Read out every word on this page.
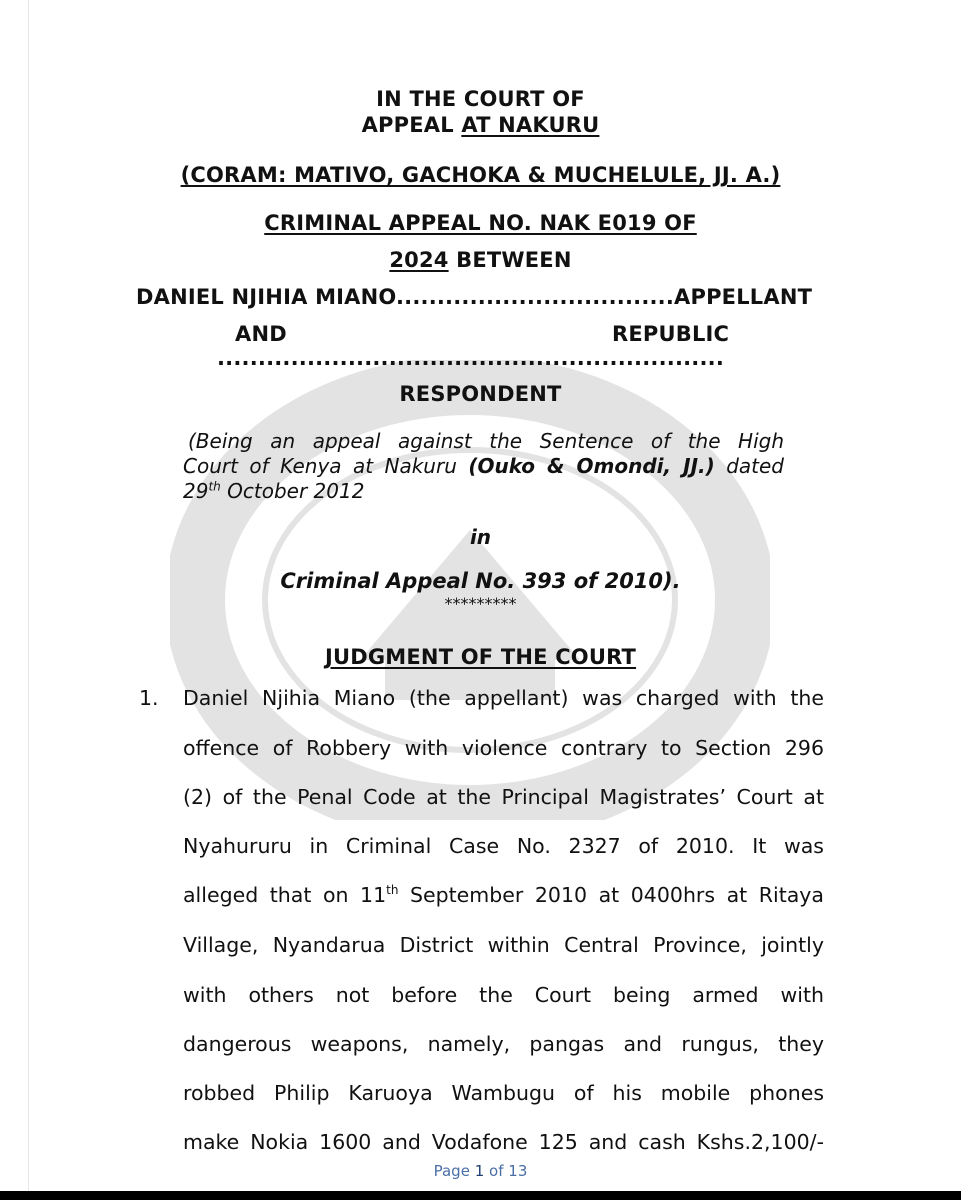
IN THE COURT OF
APPEAL AT NAKURU
(CORAM: MATIVO, GACHOKA & MUCHELULE, JJ. A.)
CRIMINAL APPEAL NO. NAK E019 OF
2024 BETWEEN
DANIEL NJIHIA MIANO..................................APPELLANT
AND	REPUBLIC
..............................................................
RESPONDENT
(Being an appeal against the Sentence of the High
Court of Kenya at Nakuru (Ouko & Omondi, JJ.) dated
29th October 2012
in
Criminal Appeal No. 393 of 2010).
*********
JUDGMENT OF THE COURT
1. Daniel Njihia Miano (the appellant) was charged with the
offence of Robbery with violence contrary to Section 296
(2) of the Penal Code at the Principal Magistrates’ Court at
Nyahururu in Criminal Case No. 2327 of 2010. It was
alleged that on 11th September 2010 at 0400hrs at Ritaya
Village, Nyandarua District within Central Province, jointly
with others not before the Court being armed with
dangerous weapons, namely, pangas and rungus, they
robbed Philip Karuoya Wambugu of his mobile phones
make Nokia 1600 and Vodafone 125 and cash Kshs.2,100/-
Page 1 of 13
